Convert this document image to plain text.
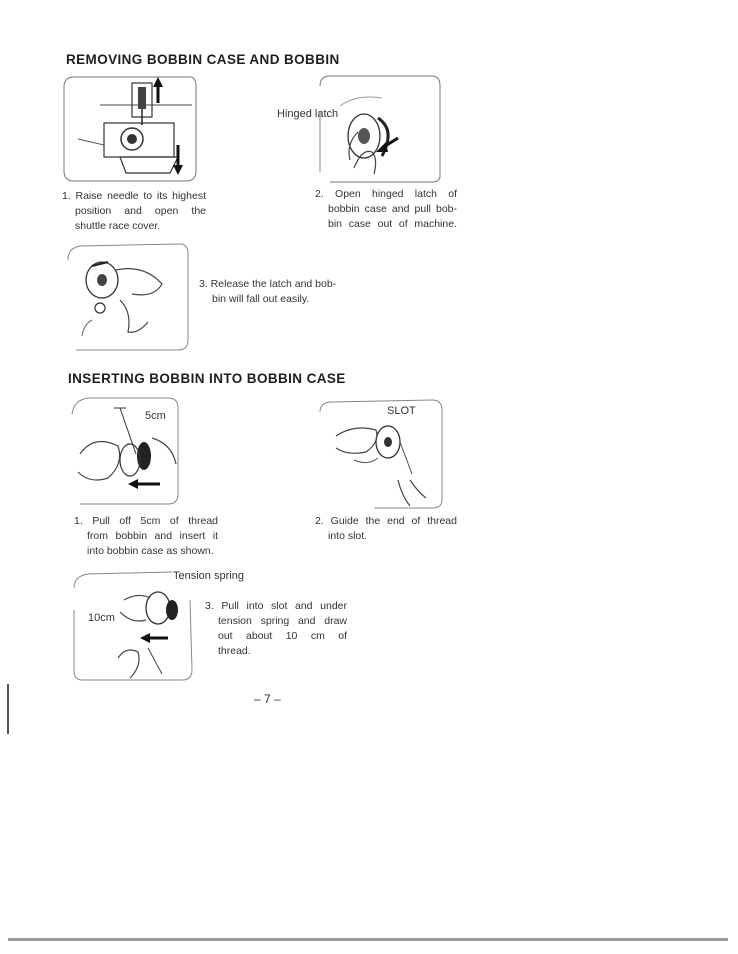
REMOVING BOBBIN CASE AND BOBBIN
1. Raise needle to its highest
position and open the
shuttle race cover.
Hinged latch
2. Open hinged latch of
bobbin case and pull bob-
bin case out of machine.
3. Release the latch and bob-
bin will fall out easily.
INSERTING BOBBIN INTO BOBBIN CASE
5cm
1. Pull off 5cm of thread
from bobbin and insert it
into bobbin case as shown.
SLOT
2. Guide the end of thread
into slot.
Tension spring
10cm
3. Pull into slot and under
tension spring and draw
out about 10 cm of
thread.
– 7 –
